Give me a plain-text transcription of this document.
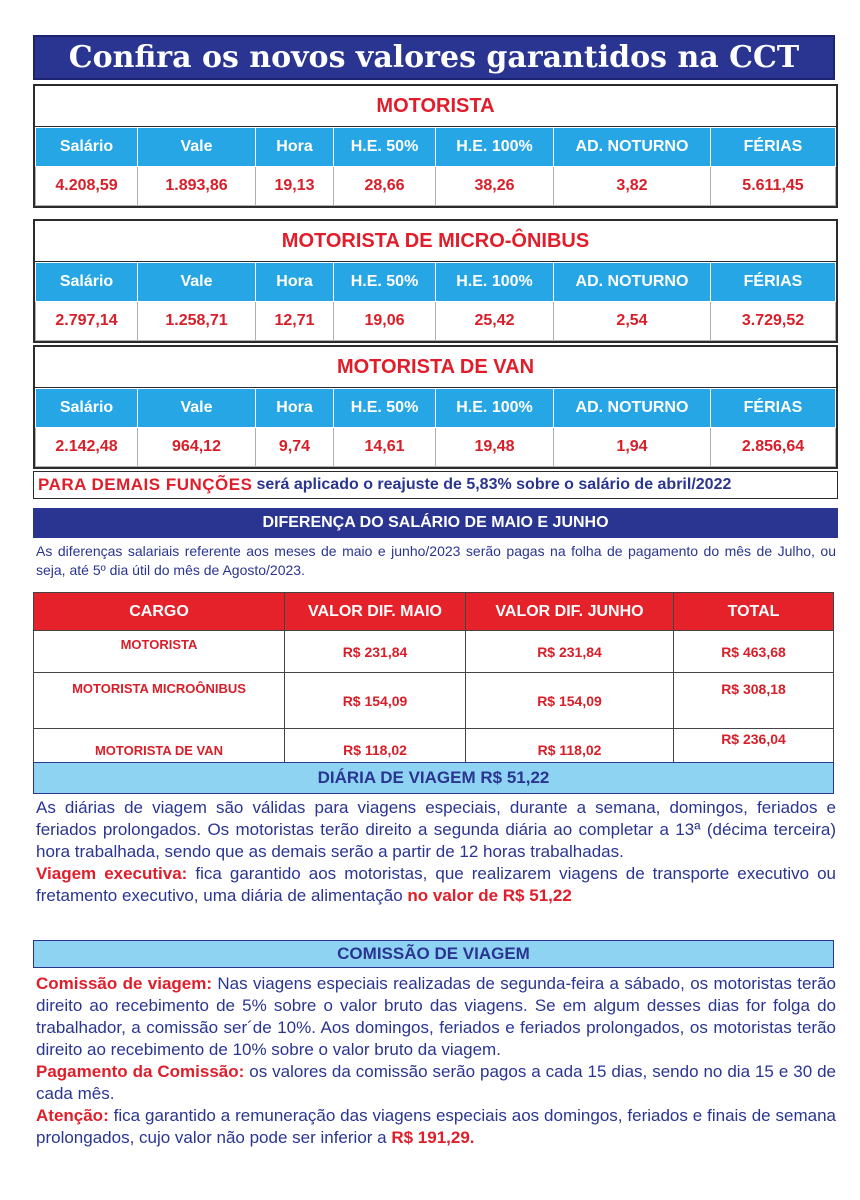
Confira os novos valores garantidos na CCT
MOTORISTA
Salário	Vale	Hora	H.E. 50%	H.E. 100%	AD. NOTURNO	FÉRIAS
4.208,59	1.893,86	19,13	28,66	38,26	3,82	5.611,45
MOTORISTA DE MICRO-ÔNIBUS
Salário	Vale	Hora	H.E. 50%	H.E. 100%	AD. NOTURNO	FÉRIAS
2.797,14	1.258,71	12,71	19,06	25,42	2,54	3.729,52
MOTORISTA DE VAN
Salário	Vale	Hora	H.E. 50%	H.E. 100%	AD. NOTURNO	FÉRIAS
2.142,48	964,12	9,74	14,61	19,48	1,94	2.856,64
PARA DEMAIS FUNÇÕES será aplicado o reajuste de 5,83% sobre o salário de abril/2022
DIFERENÇA DO SALÁRIO DE MAIO E JUNHO
As diferenças salariais referente aos meses de maio e junho/2023 serão pagas na folha de pagamento do mês de Julho, ou seja, até 5º dia útil do mês de Agosto/2023.
CARGO	VALOR DIF. MAIO	VALOR DIF. JUNHO	TOTAL
MOTORISTA	R$ 231,84	R$ 231,84	R$ 463,68
MOTORISTA MICROÔNIBUS	R$ 154,09	R$ 154,09	R$ 308,18
MOTORISTA DE VAN	R$ 118,02	R$ 118,02	R$ 236,04
DIÁRIA DE VIAGEM R$ 51,22
As diárias de viagem são válidas para viagens especiais, durante a semana, domingos, feriados e feriados prolongados. Os motoristas terão direito a segunda diária ao completar a 13ª (décima terceira) hora trabalhada, sendo que as demais serão a partir de 12 horas trabalhadas.
Viagem executiva: fica garantido aos motoristas, que realizarem viagens de transporte executivo ou fretamento executivo, uma diária de alimentação no valor de R$ 51,22
COMISSÃO DE VIAGEM
Comissão de viagem: Nas viagens especiais realizadas de segunda-feira a sábado, os motoristas terão direito ao recebimento de 5% sobre o valor bruto das viagens. Se em algum desses dias for folga do trabalhador, a comissão ser´de 10%. Aos domingos, feriados e feriados prolongados, os motoristas terão direito ao recebimento de 10% sobre o valor bruto da viagem.
Pagamento da Comissão: os valores da comissão serão pagos a cada 15 dias, sendo no dia 15 e 30 de cada mês.
Atenção: fica garantido a remuneração das viagens especiais aos domingos, feriados e finais de semana prolongados, cujo valor não pode ser inferior a R$ 191,29.
